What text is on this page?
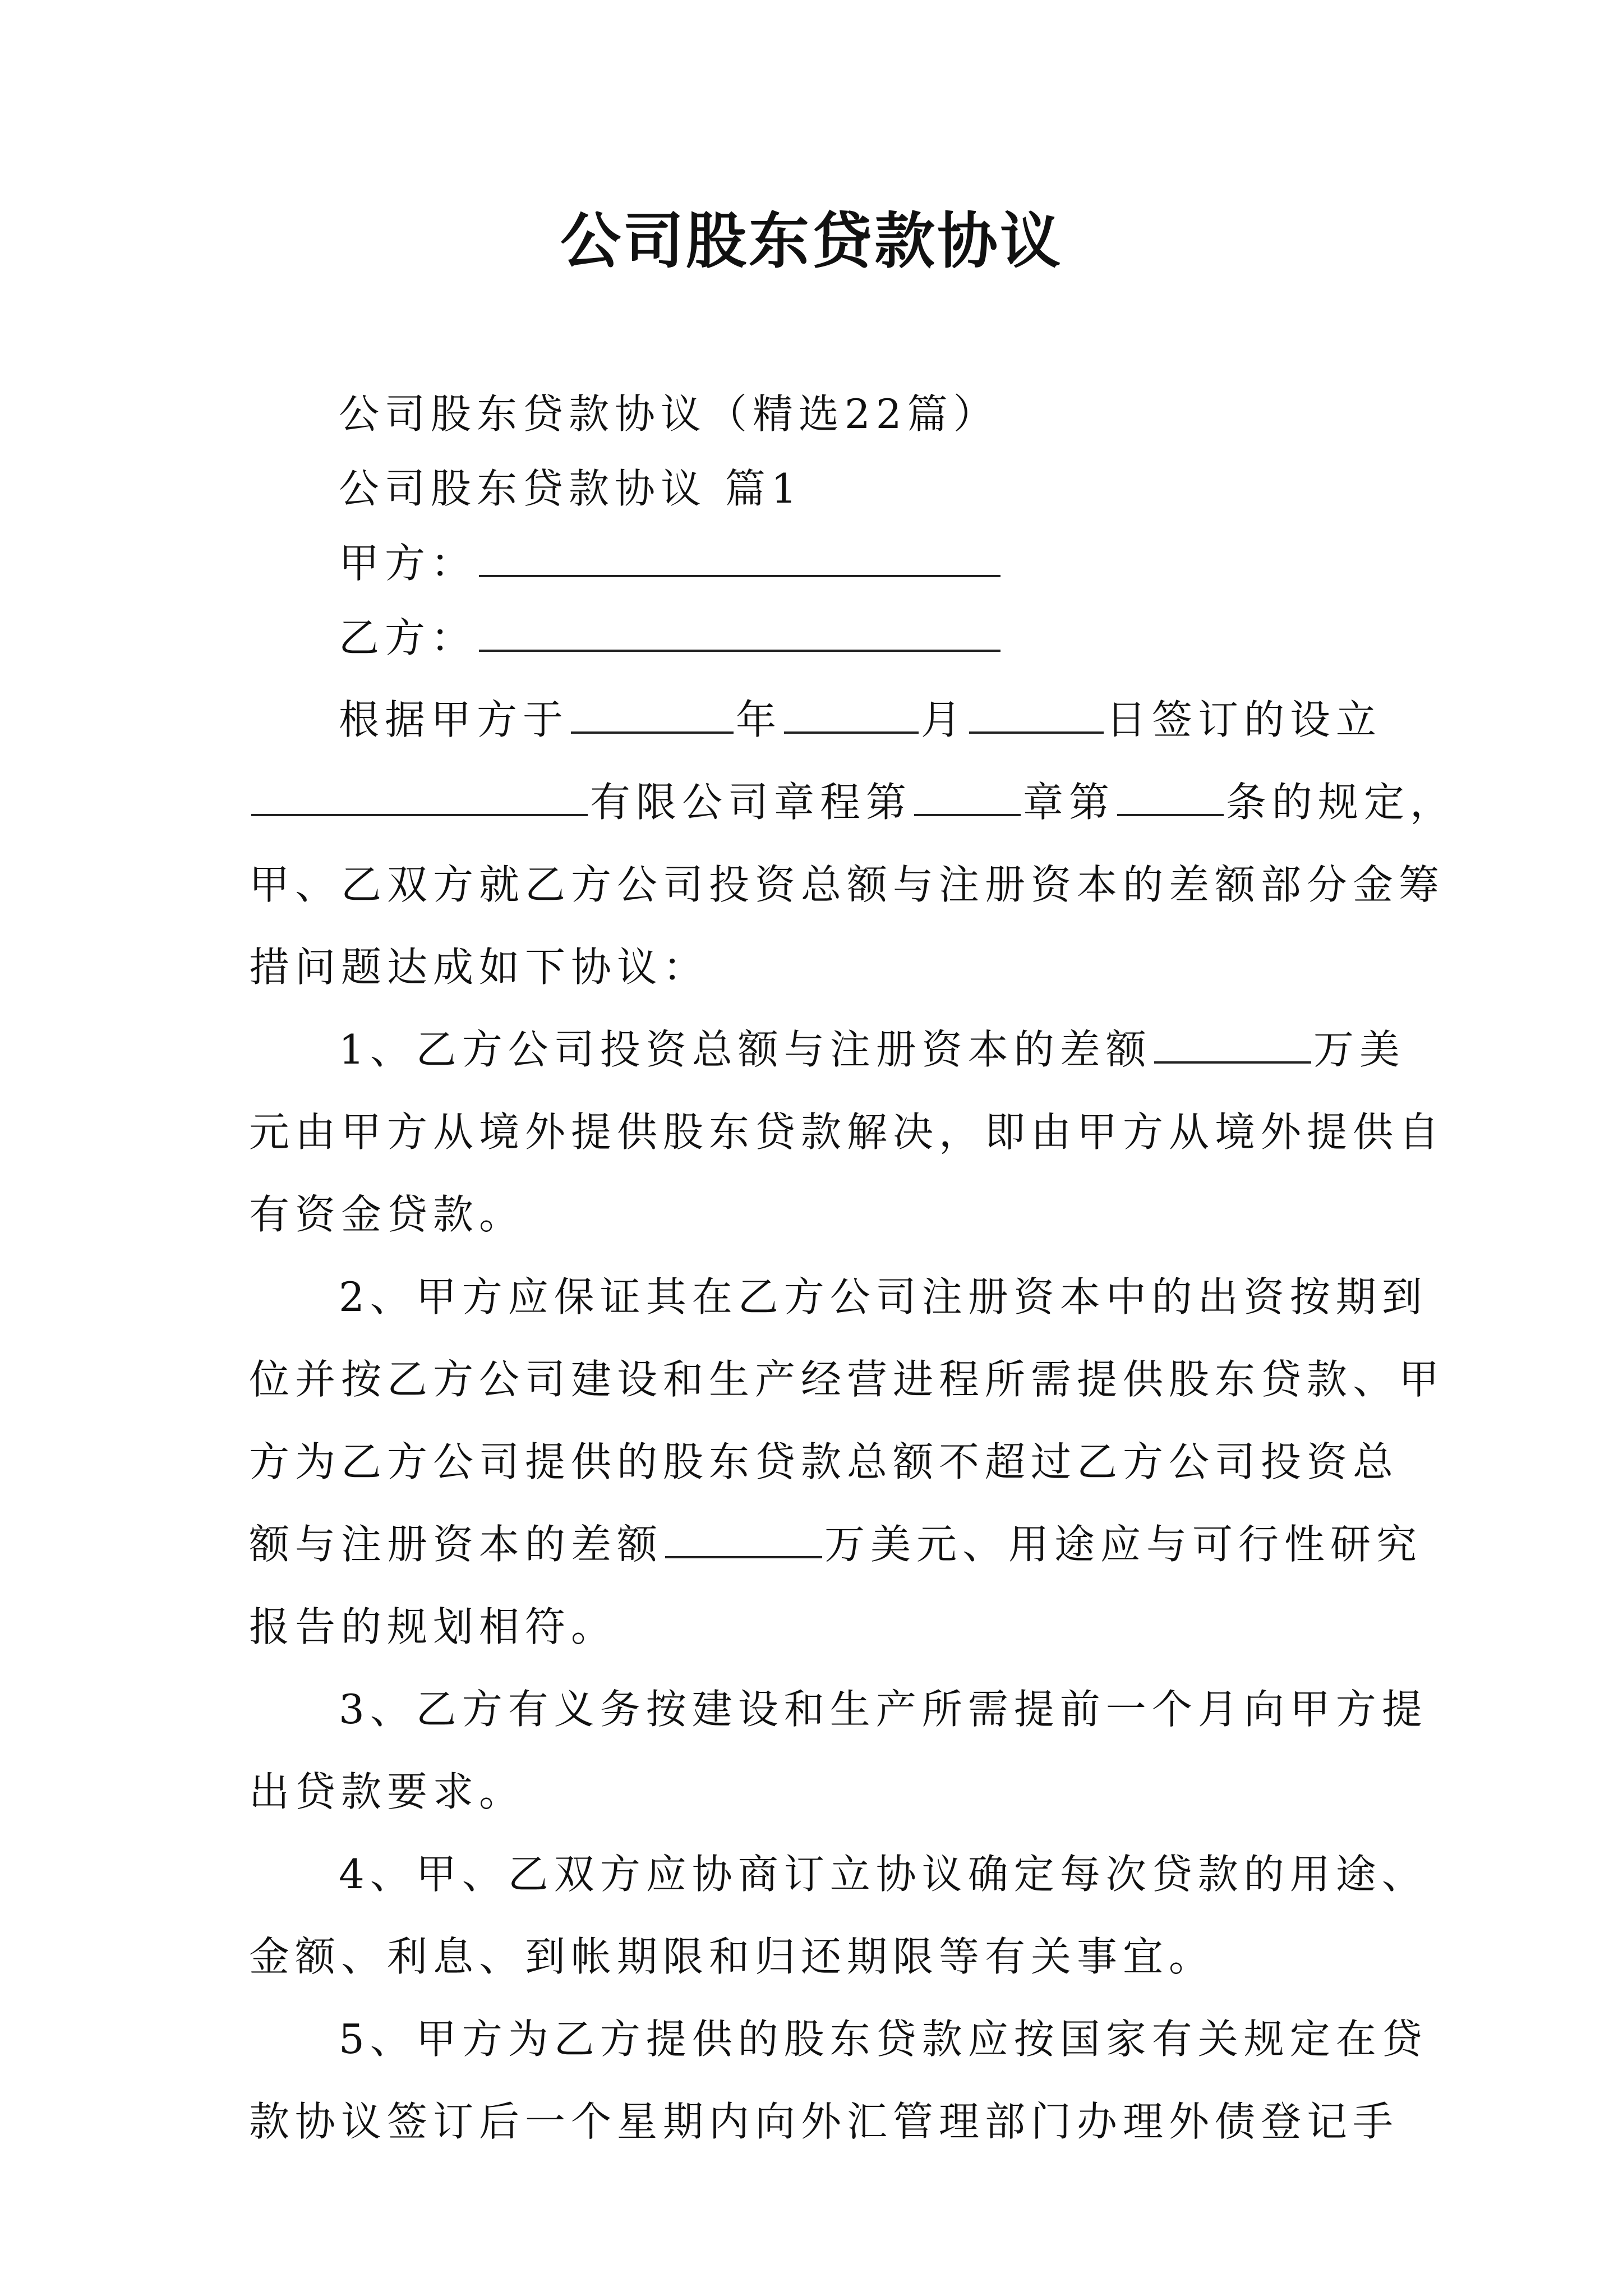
公司股东贷款协议
公司股东贷款协议（精选22篇）
公司股东贷款协议 篇1
甲方：
乙方：
根据甲方于	年	月	日签订的设立
有限公司章程第	章第	条的规定，
甲、乙双方就乙方公司投资总额与注册资本的差额部分金筹
措问题达成如下协议：
1、乙方公司投资总额与注册资本的差额	万美
元由甲方从境外提供股东贷款解决，即由甲方从境外提供自
有资金贷款。
2、甲方应保证其在乙方公司注册资本中的出资按期到
位并按乙方公司建设和生产经营进程所需提供股东贷款、甲
方为乙方公司提供的股东贷款总额不超过乙方公司投资总
额与注册资本的差额	万美元、用途应与可行性研究
报告的规划相符。
3、乙方有义务按建设和生产所需提前一个月向甲方提
出贷款要求。
4、甲、乙双方应协商订立协议确定每次贷款的用途、
金额、利息、到帐期限和归还期限等有关事宜。
5、甲方为乙方提供的股东贷款应按国家有关规定在贷
款协议签订后一个星期内向外汇管理部门办理外债登记手
